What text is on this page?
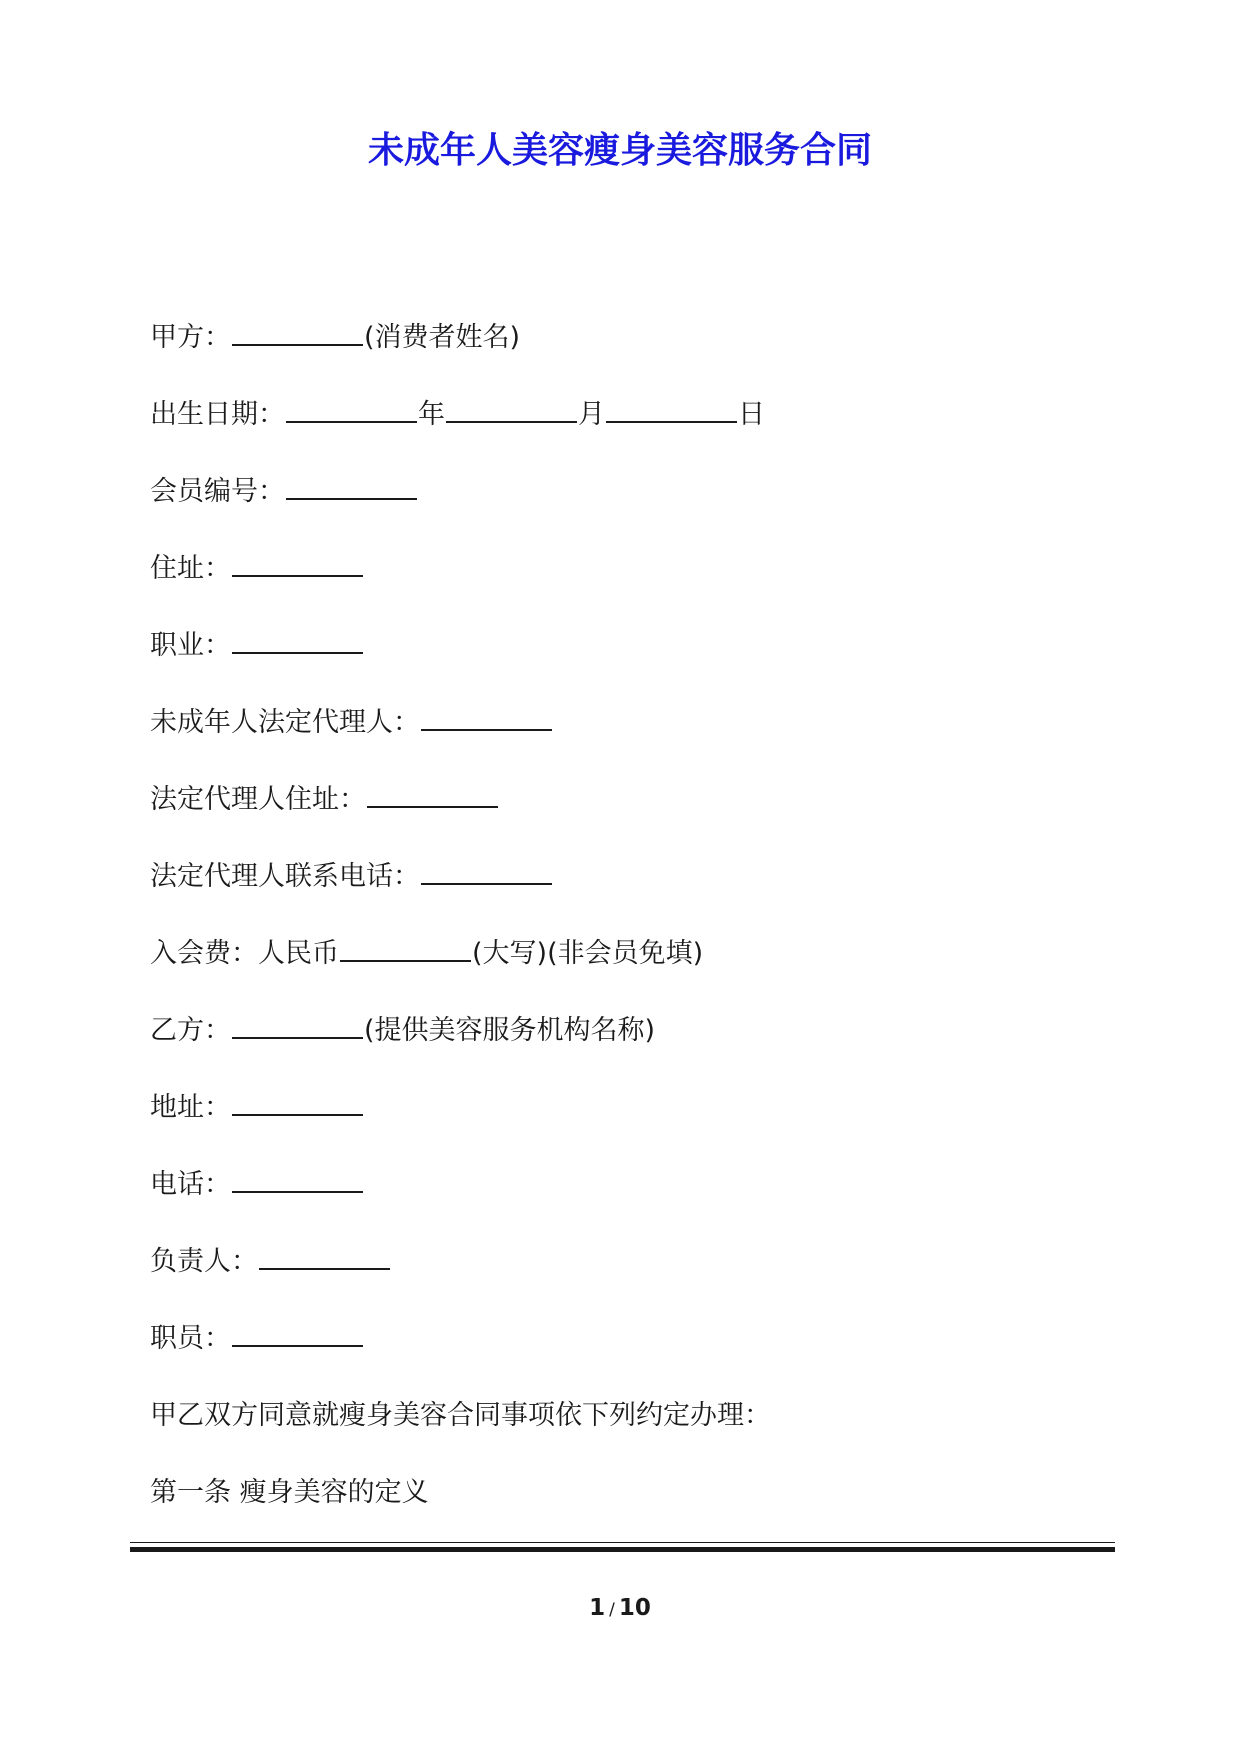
未成年人美容瘦身美容服务合同
甲方：	(消费者姓名)
出生日期：	年	月	日
会员编号：
住址：
职业：
未成年人法定代理人：
法定代理人住址：
法定代理人联系电话：
入会费：人民币	(大写)(非会员免填)
乙方：	(提供美容服务机构名称)
地址：
电话：
负责人：
职员：
甲乙双方同意就瘦身美容合同事项依下列约定办理：
第一条 瘦身美容的定义
1 / 10
